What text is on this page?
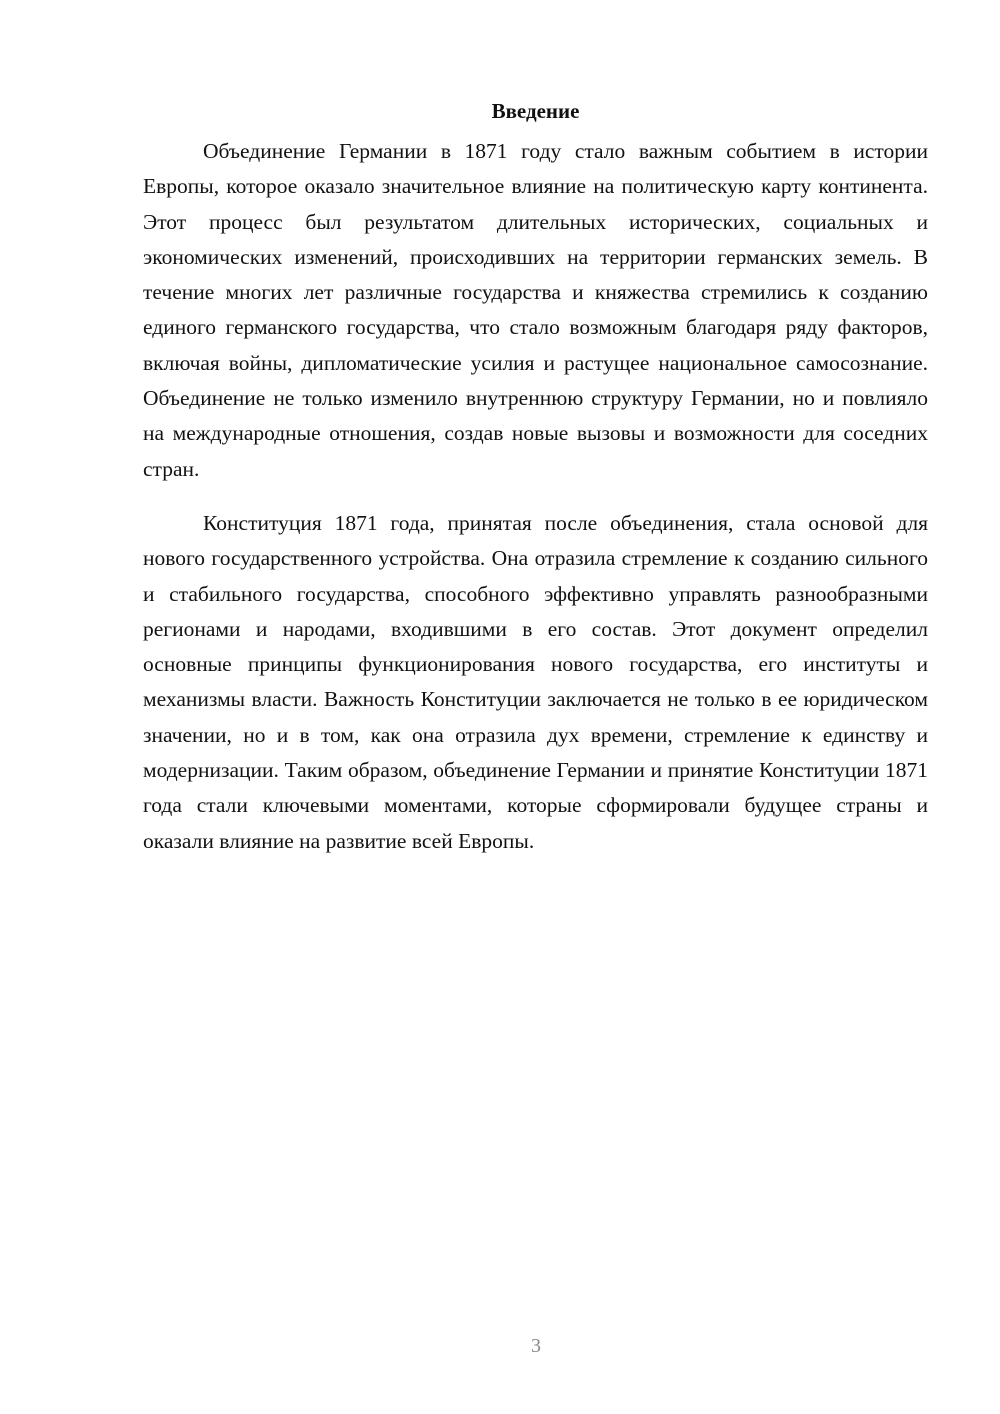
Введение

Объединение Германии в 1871 году стало важным событием в истории Европы, которое оказало значительное влияние на политическую карту континента. Этот процесс был результатом длительных исторических, социальных и экономических изменений, происходивших на территории германских земель. В течение многих лет различные государства и княжества стремились к созданию единого германского государства, что стало возможным благодаря ряду факторов, включая войны, дипломатические усилия и растущее национальное самосознание. Объединение не только изменило внутреннюю структуру Германии, но и повлияло на международные отношения, создав новые вызовы и возможности для соседних стран.

Конституция 1871 года, принятая после объединения, стала основой для нового государственного устройства. Она отразила стремление к созданию сильного и стабильного государства, способного эффективно управлять разнообразными регионами и народами, входившими в его состав. Этот документ определил основные принципы функционирования нового государства, его институты и механизмы власти. Важность Конституции заключается не только в ее юридическом значении, но и в том, как она отразила дух времени, стремление к единству и модернизации. Таким образом, объединение Германии и принятие Конституции 1871 года стали ключевыми моментами, которые сформировали будущее страны и оказали влияние на развитие всей Европы.

3
